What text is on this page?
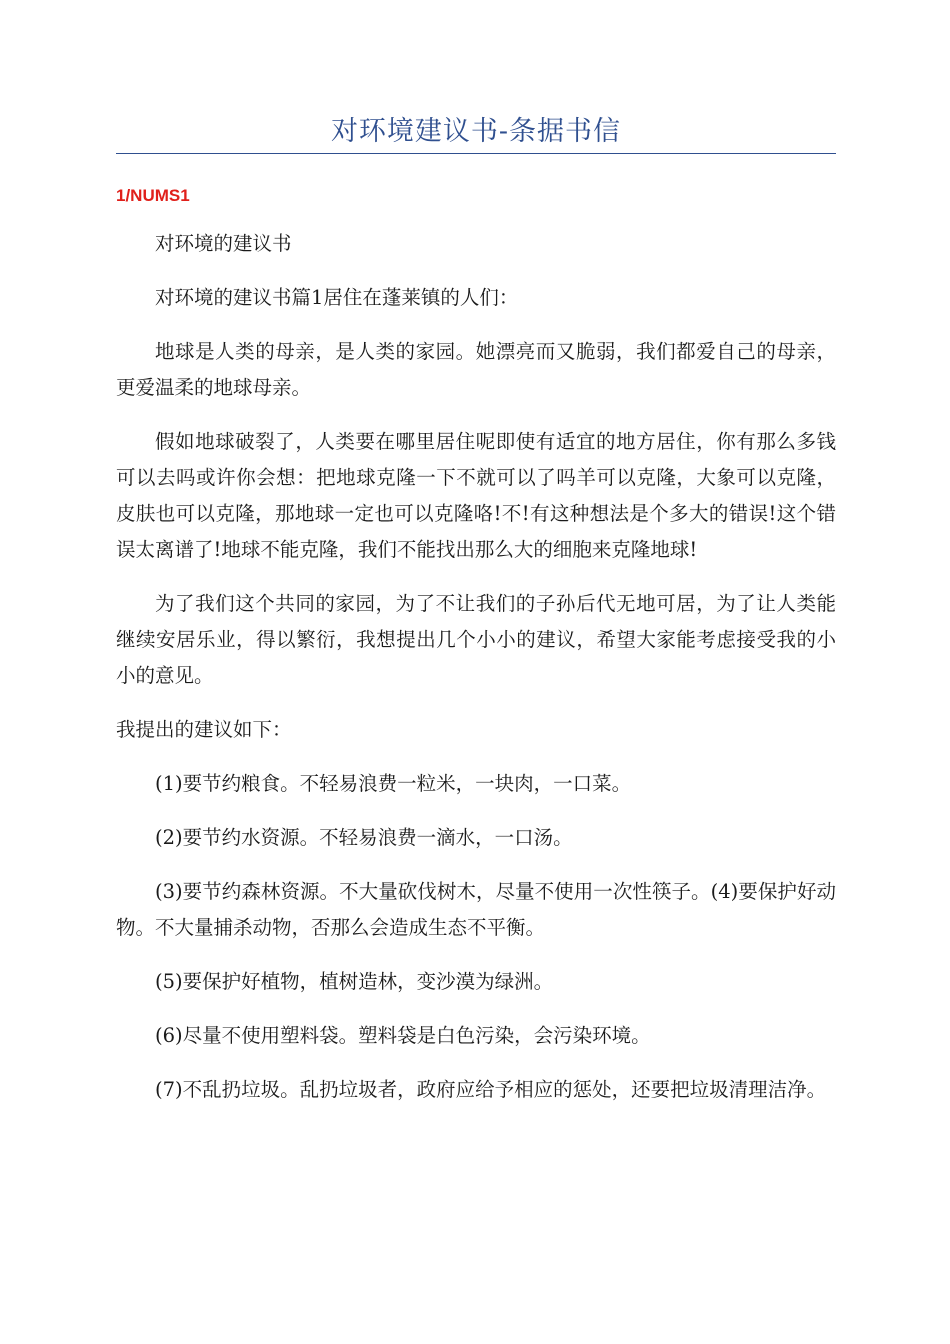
对环境建议书-条据书信
1/NUMS1

对环境的建议书

对环境的建议书篇1居住在蓬莱镇的人们：

地球是人类的母亲，是人类的家园。她漂亮而又脆弱，我们都爱自己的母亲，更爱温柔的地球母亲。

假如地球破裂了，人类要在哪里居住呢即使有适宜的地方居住，你有那么多钱可以去吗或许你会想：把地球克隆一下不就可以了吗羊可以克隆，大象可以克隆，皮肤也可以克隆，那地球一定也可以克隆咯!不!有这种想法是个多大的错误!这个错误太离谱了!地球不能克隆，我们不能找出那么大的细胞来克隆地球!

为了我们这个共同的家园，为了不让我们的子孙后代无地可居，为了让人类能继续安居乐业，得以繁衍，我想提出几个小小的建议，希望大家能考虑接受我的小小的意见。

我提出的建议如下：

(1)要节约粮食。不轻易浪费一粒米，一块肉，一口菜。

(2)要节约水资源。不轻易浪费一滴水，一口汤。

(3)要节约森林资源。不大量砍伐树木，尽量不使用一次性筷子。(4)要保护好动物。不大量捕杀动物，否那么会造成生态不平衡。

(5)要保护好植物，植树造林，变沙漠为绿洲。

(6)尽量不使用塑料袋。塑料袋是白色污染，会污染环境。

(7)不乱扔垃圾。乱扔垃圾者，政府应给予相应的惩处，还要把垃圾清理洁净。
